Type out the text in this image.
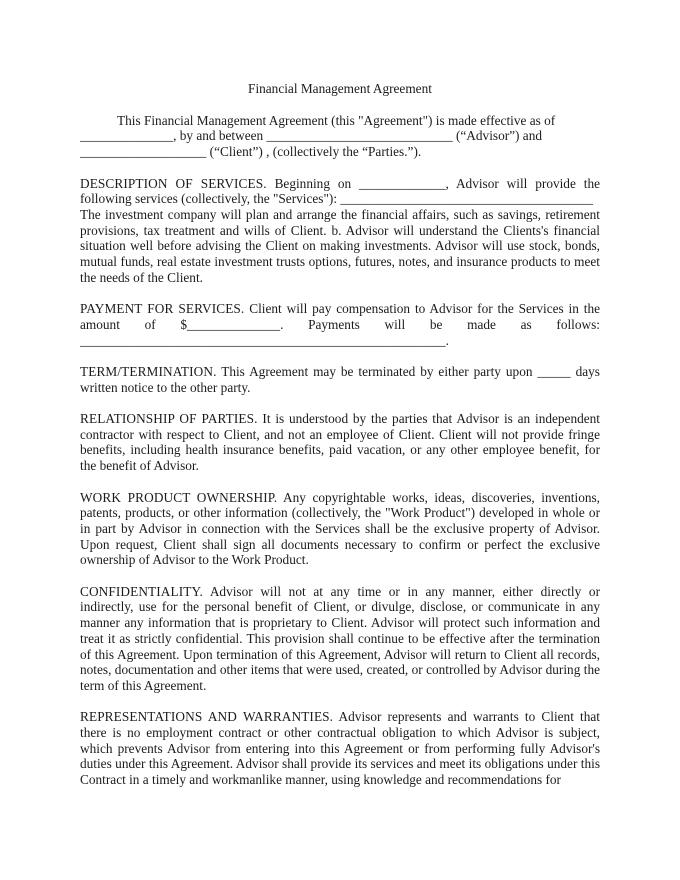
Financial Management Agreement

This Financial Management Agreement (this "Agreement") is made effective as of ______________, by and between ____________________________ (“Advisor”) and ___________________ (“Client”) , (collectively the “Parties.”).

DESCRIPTION OF SERVICES. Beginning on _____________, Advisor will provide the following services (collectively, the "Services"): ______________________________________
The investment company will plan and arrange the financial affairs, such as savings, retirement provisions, tax treatment and wills of Client. b. Advisor will understand the Clients's financial situation well before advising the Client on making investments. Advisor will use stock, bonds, mutual funds, real estate investment trusts options, futures, notes, and insurance products to meet the needs of the Client.

PAYMENT FOR SERVICES. Client will pay compensation to Advisor for the Services in the amount of $______________. Payments will be made as follows: _______________________________________________________.

TERM/TERMINATION. This Agreement may be terminated by either party upon _____ days written notice to the other party.

RELATIONSHIP OF PARTIES. It is understood by the parties that Advisor is an independent contractor with respect to Client, and not an employee of Client. Client will not provide fringe benefits, including health insurance benefits, paid vacation, or any other employee benefit, for the benefit of Advisor.

WORK PRODUCT OWNERSHIP. Any copyrightable works, ideas, discoveries, inventions, patents, products, or other information (collectively, the "Work Product") developed in whole or in part by Advisor in connection with the Services shall be the exclusive property of Advisor. Upon request, Client shall sign all documents necessary to confirm or perfect the exclusive ownership of Advisor to the Work Product.

CONFIDENTIALITY. Advisor will not at any time or in any manner, either directly or indirectly, use for the personal benefit of Client, or divulge, disclose, or communicate in any manner any information that is proprietary to Client. Advisor will protect such information and treat it as strictly confidential. This provision shall continue to be effective after the termination of this Agreement. Upon termination of this Agreement, Advisor will return to Client all records, notes, documentation and other items that were used, created, or controlled by Advisor during the term of this Agreement.

REPRESENTATIONS AND WARRANTIES. Advisor represents and warrants to Client that there is no employment contract or other contractual obligation to which Advisor is subject, which prevents Advisor from entering into this Agreement or from performing fully Advisor's duties under this Agreement. Advisor shall provide its services and meet its obligations under this Contract in a timely and workmanlike manner, using knowledge and recommendations for
